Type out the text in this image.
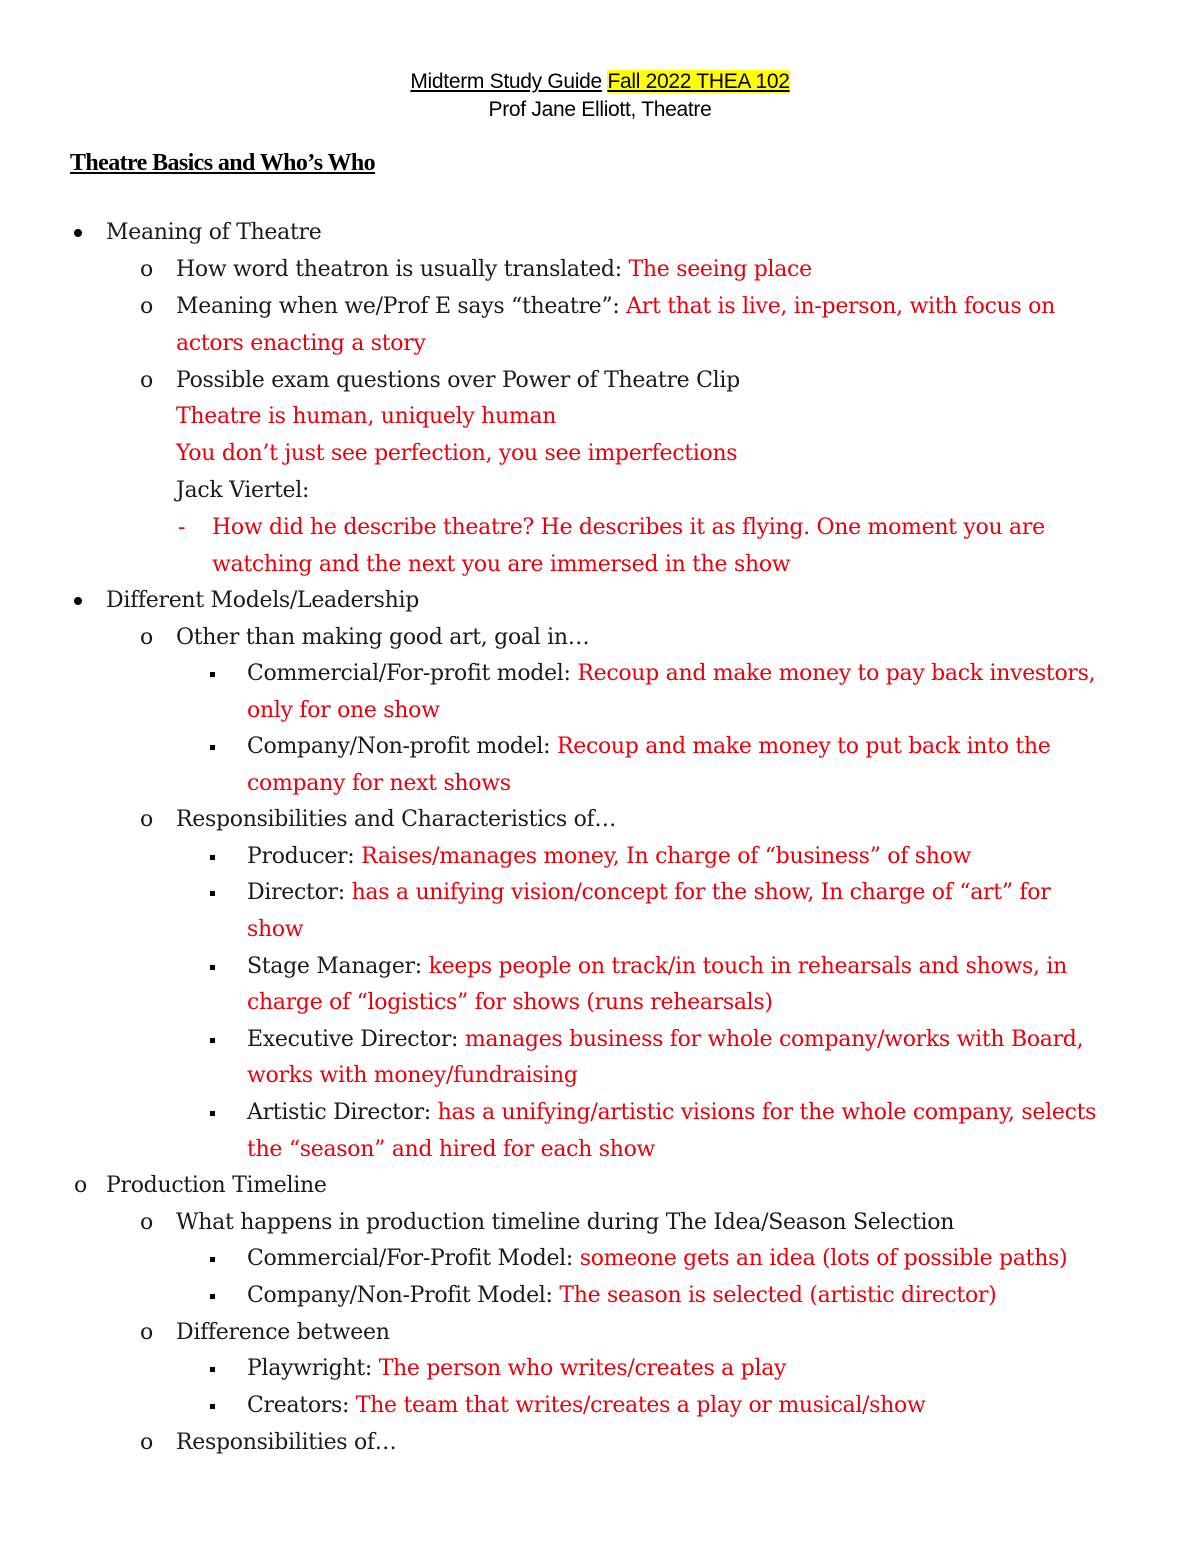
Midterm Study Guide Fall 2022 THEA 102
Prof Jane Elliott, Theatre
Theatre Basics and Who’s Who
Meaning of Theatre
o How word theatron is usually translated: The seeing place
o Meaning when we/Prof E says “theatre”: Art that is live, in-person, with focus on
actors enacting a story
o Possible exam questions over Power of Theatre Clip
Theatre is human, uniquely human
You don’t just see perfection, you see imperfections
Jack Viertel:
- How did he describe theatre? He describes it as flying. One moment you are
watching and the next you are immersed in the show
Different Models/Leadership
o Other than making good art, goal in…
Commercial/For-profit model: Recoup and make money to pay back investors,
only for one show
Company/Non-profit model: Recoup and make money to put back into the
company for next shows
o Responsibilities and Characteristics of…
Producer: Raises/manages money, In charge of “business” of show
Director: has a unifying vision/concept for the show, In charge of “art” for
show
Stage Manager: keeps people on track/in touch in rehearsals and shows, in
charge of “logistics” for shows (runs rehearsals)
Executive Director: manages business for whole company/works with Board,
works with money/fundraising
Artistic Director: has a unifying/artistic visions for the whole company, selects
the “season” and hired for each show
o Production Timeline
o What happens in production timeline during The Idea/Season Selection
Commercial/For-Profit Model: someone gets an idea (lots of possible paths)
Company/Non-Profit Model: The season is selected (artistic director)
o Difference between
Playwright: The person who writes/creates a play
Creators: The team that writes/creates a play or musical/show
o Responsibilities of…
